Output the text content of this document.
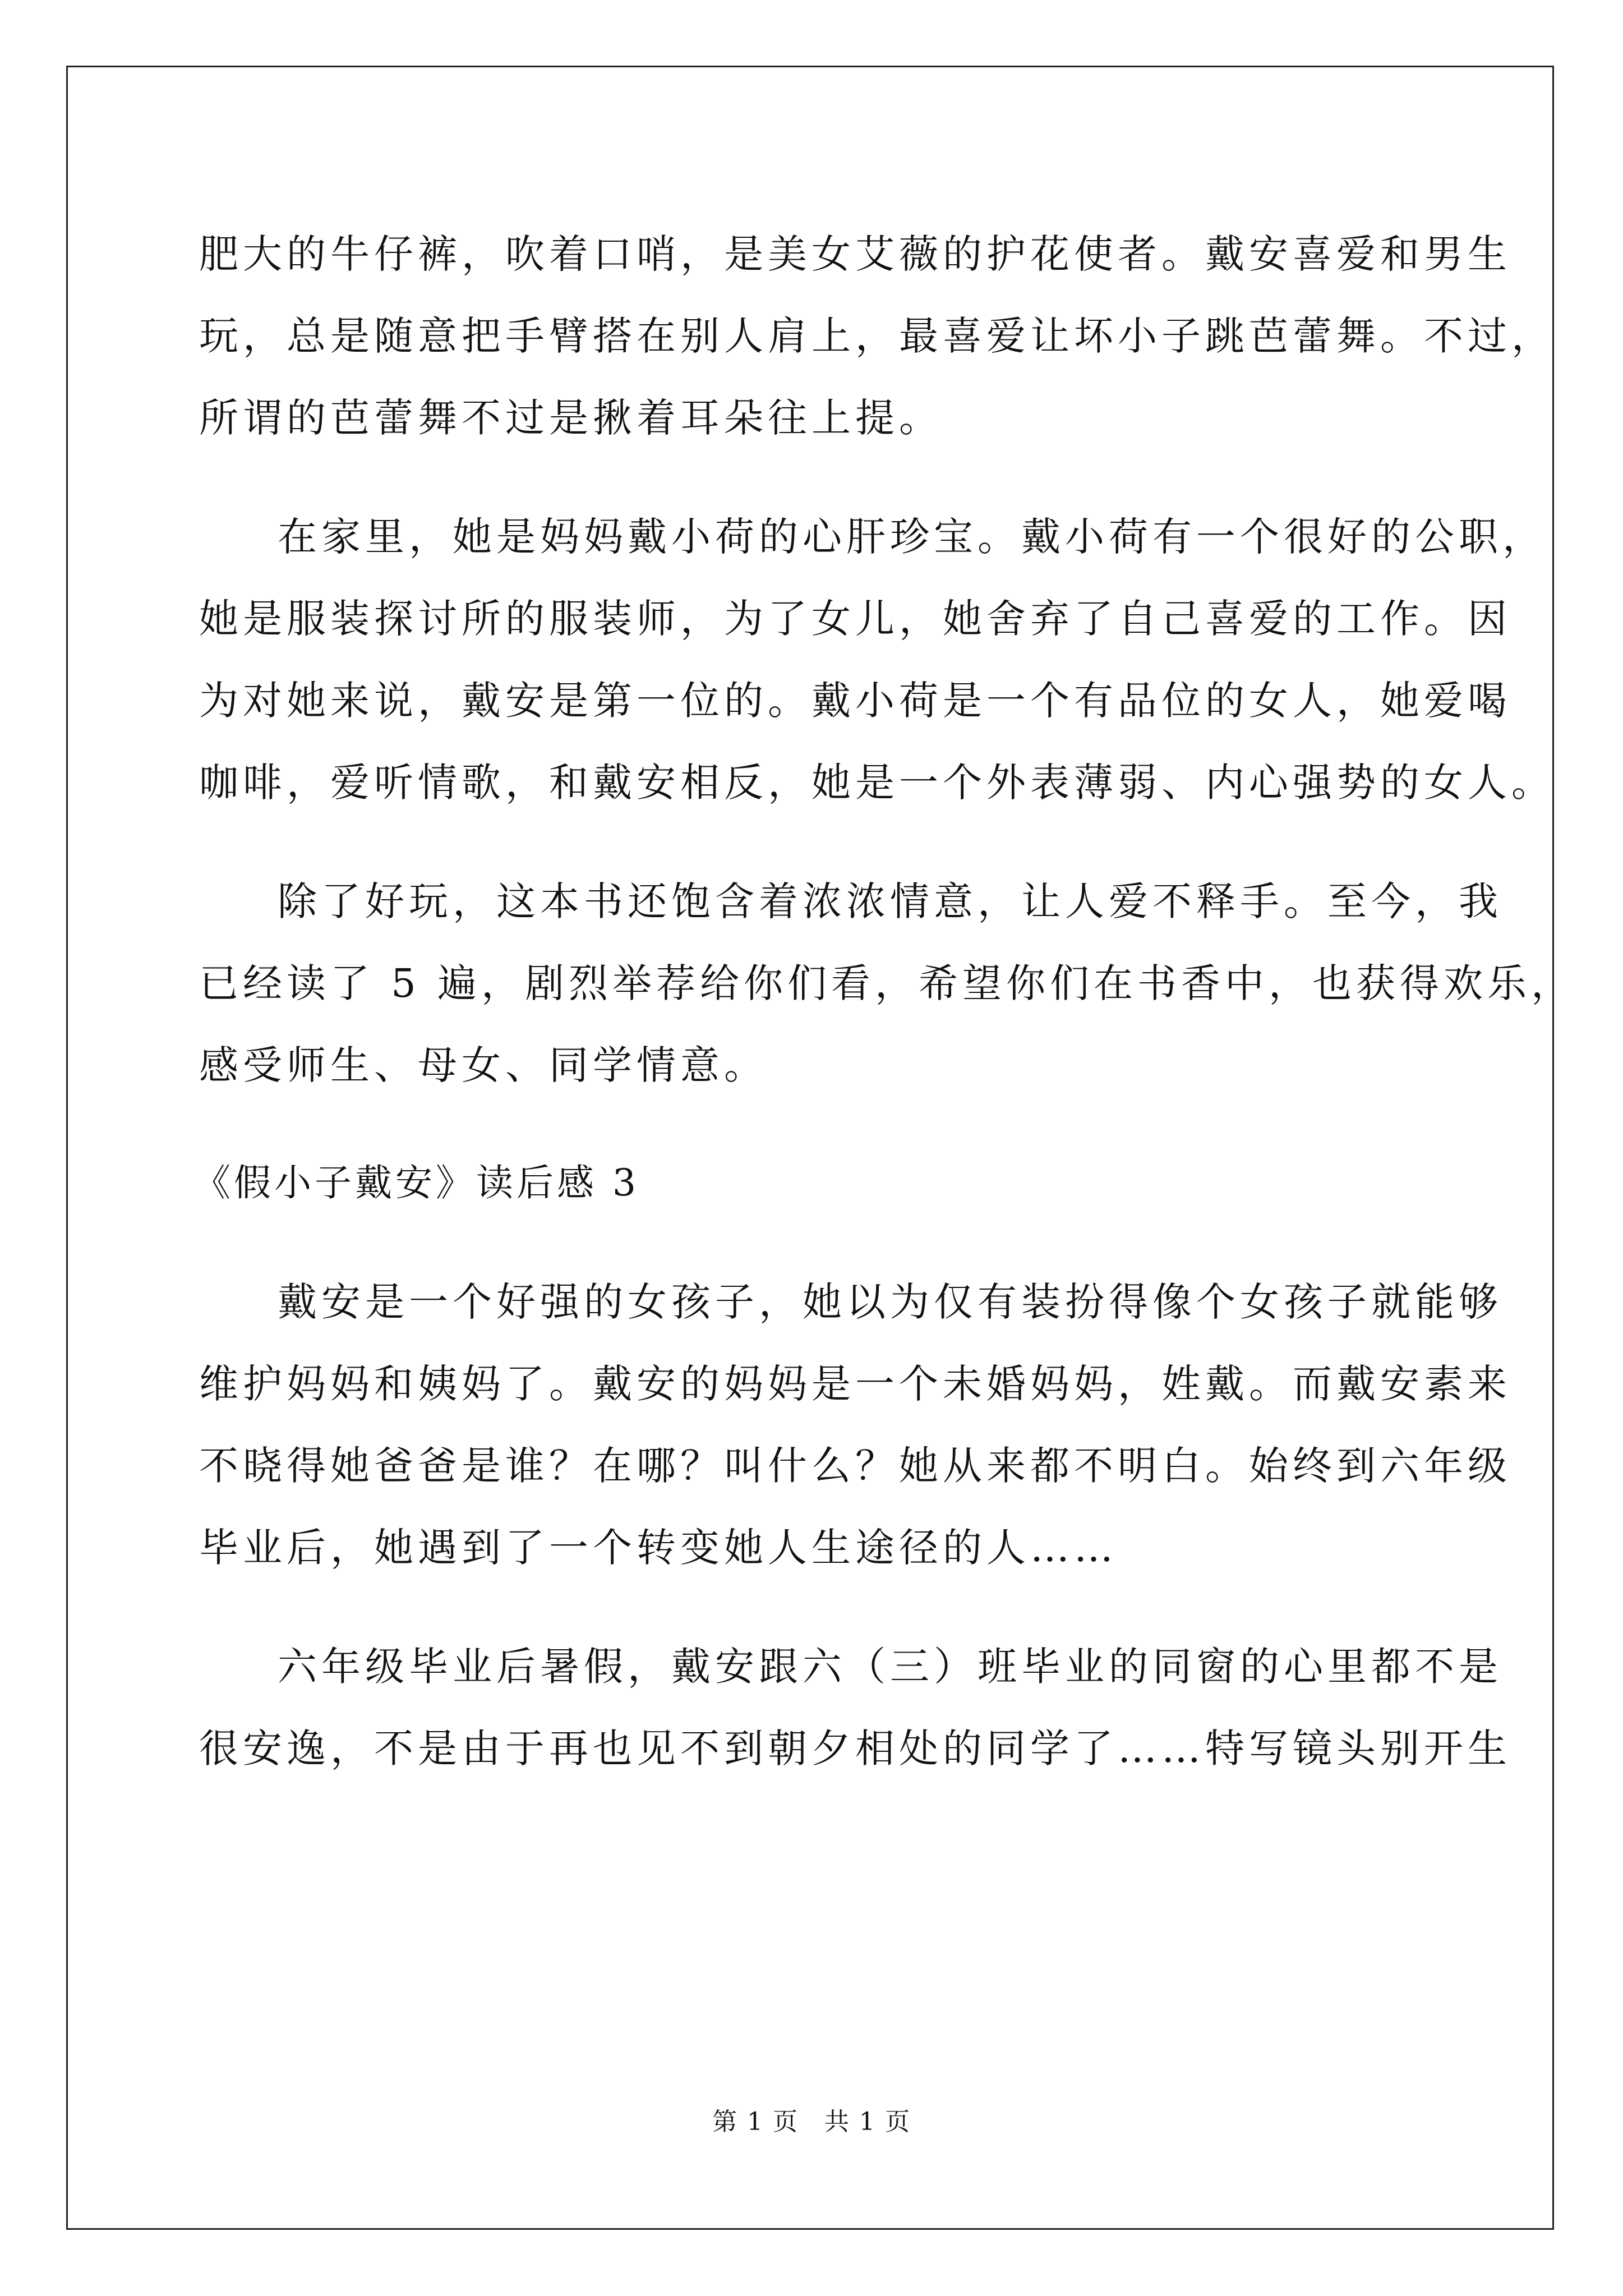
肥大的牛仔裤，吹着口哨，是美女艾薇的护花使者。戴安喜爱和男生
玩，总是随意把手臂搭在别人肩上，最喜爱让坏小子跳芭蕾舞。不过，
所谓的芭蕾舞不过是揪着耳朵往上提。
在家里，她是妈妈戴小荷的心肝珍宝。戴小荷有一个很好的公职，
她是服装探讨所的服装师，为了女儿，她舍弃了自己喜爱的工作。因
为对她来说，戴安是第一位的。戴小荷是一个有品位的女人，她爱喝
咖啡，爱听情歌，和戴安相反，她是一个外表薄弱、内心强势的女人。
除了好玩，这本书还饱含着浓浓情意，让人爱不释手。至今，我
已经读了 5 遍，剧烈举荐给你们看，希望你们在书香中，也获得欢乐，
感受师生、母女、同学情意。
《假小子戴安》读后感 3
戴安是一个好强的女孩子，她以为仅有装扮得像个女孩子就能够
维护妈妈和姨妈了。戴安的妈妈是一个未婚妈妈，姓戴。而戴安素来
不晓得她爸爸是谁？在哪？叫什么？她从来都不明白。始终到六年级
毕业后，她遇到了一个转变她人生途径的人……
六年级毕业后暑假，戴安跟六（三）班毕业的同窗的心里都不是
很安逸，不是由于再也见不到朝夕相处的同学了……特写镜头别开生
第 1 页　共 1 页
